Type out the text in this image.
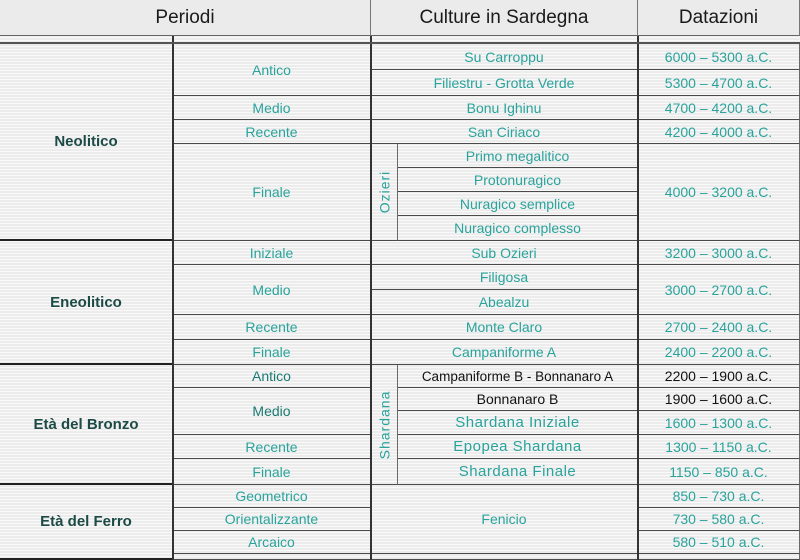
Periodi	Culture in Sardegna	Datazioni
Neolitico
Eneolitico
Età del Bronzo
Età del Ferro
Antico
Medio
Recente
Finale
Iniziale
Medio
Recente
Finale
Antico
Medio
Recente
Finale
Geometrico
Orientalizzante
Arcaico
Su Carroppu
Filiestru - Grotta Verde
Bonu Ighinu
San Ciriaco
Ozieri
Primo megalitico
Protonuragico
Nuragico semplice
Nuragico complesso
Sub Ozieri
Filigosa
Abealzu
Monte Claro
Campaniforme A
Shardana
Campaniforme B - Bonnanaro A
Bonnanaro B
Shardana Iniziale
Epopea Shardana
Shardana Finale
Fenicio
6000 – 5300 a.C.
5300 – 4700 a.C.
4700 – 4200 a.C.
4200 – 4000 a.C.
4000 – 3200 a.C.
3200 – 3000 a.C.
3000 – 2700 a.C.
2700 – 2400 a.C.
2400 – 2200 a.C.
2200 – 1900 a.C.
1900 – 1600 a.C.
1600 – 1300 a.C.
1300 – 1150 a.C.
1150 – 850 a.C.
850 – 730 a.C.
730 – 580 a.C.
580 – 510 a.C.
